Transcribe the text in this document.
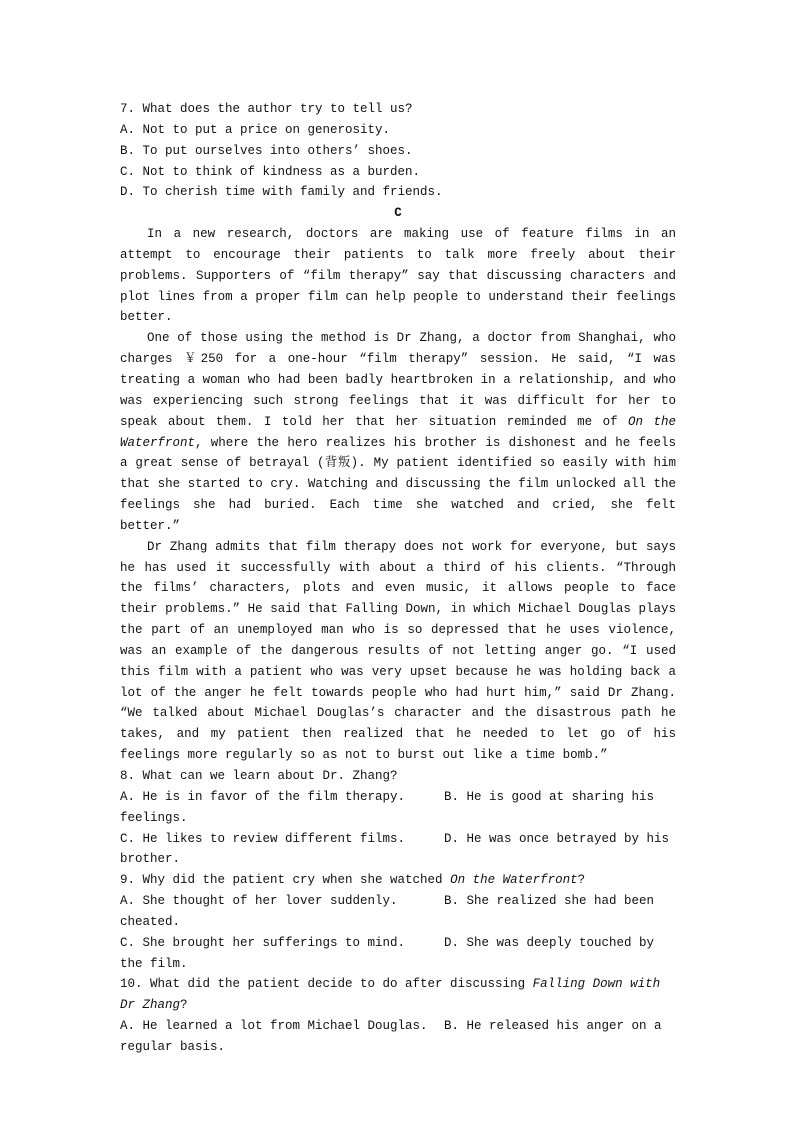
7. What does the author try to tell us?
A. Not to put a price on generosity.
B. To put ourselves into others’ shoes.
C. Not to think of kindness as a burden.
D. To cherish time with family and friends.
C
In a new research, doctors are making use of feature films in an attempt to encourage their patients to talk more freely about their problems. Supporters of “film therapy” say that discussing characters and plot lines from a proper film can help people to understand their feelings better.
One of those using the method is Dr Zhang, a doctor from Shanghai, who charges ￥250 for a one-hour “film therapy” session. He said, “I was treating a woman who had been badly heartbroken in a relationship, and who was experiencing such strong feelings that it was difficult for her to speak about them. I told her that her situation reminded me of On the Waterfront, where the hero realizes his brother is dishonest and he feels a great sense of betrayal (背叛). My patient identified so easily with him that she started to cry. Watching and discussing the film unlocked all the feelings she had buried. Each time she watched and cried, she felt better.”
Dr Zhang admits that film therapy does not work for everyone, but says he has used it successfully with about a third of his clients. “Through the films’ characters, plots and even music, it allows people to face their problems.” He said that Falling Down, in which Michael Douglas plays the part of an unemployed man who is so depressed that he uses violence, was an example of the dangerous results of not letting anger go. “I used this film with a patient who was very upset because he was holding back a lot of the anger he felt towards people who had hurt him,” said Dr Zhang. “We talked about Michael Douglas’s character and the disastrous path he takes, and my patient then realized that he needed to let go of his feelings more regularly so as not to burst out like a time bomb.”
8. What can we learn about Dr. Zhang?
A. He is in favor of the film therapy.	B. He is good at sharing his feelings.
C. He likes to review different films.	D. He was once betrayed by his brother.
9. Why did the patient cry when she watched On the Waterfront?
A. She thought of her lover suddenly.	B. She realized she had been cheated.
C. She brought her sufferings to mind.	D. She was deeply touched by the film.
10. What did the patient decide to do after discussing Falling Down with Dr Zhang?
A. He learned a lot from Michael Douglas. B. He released his anger on a regular basis.
